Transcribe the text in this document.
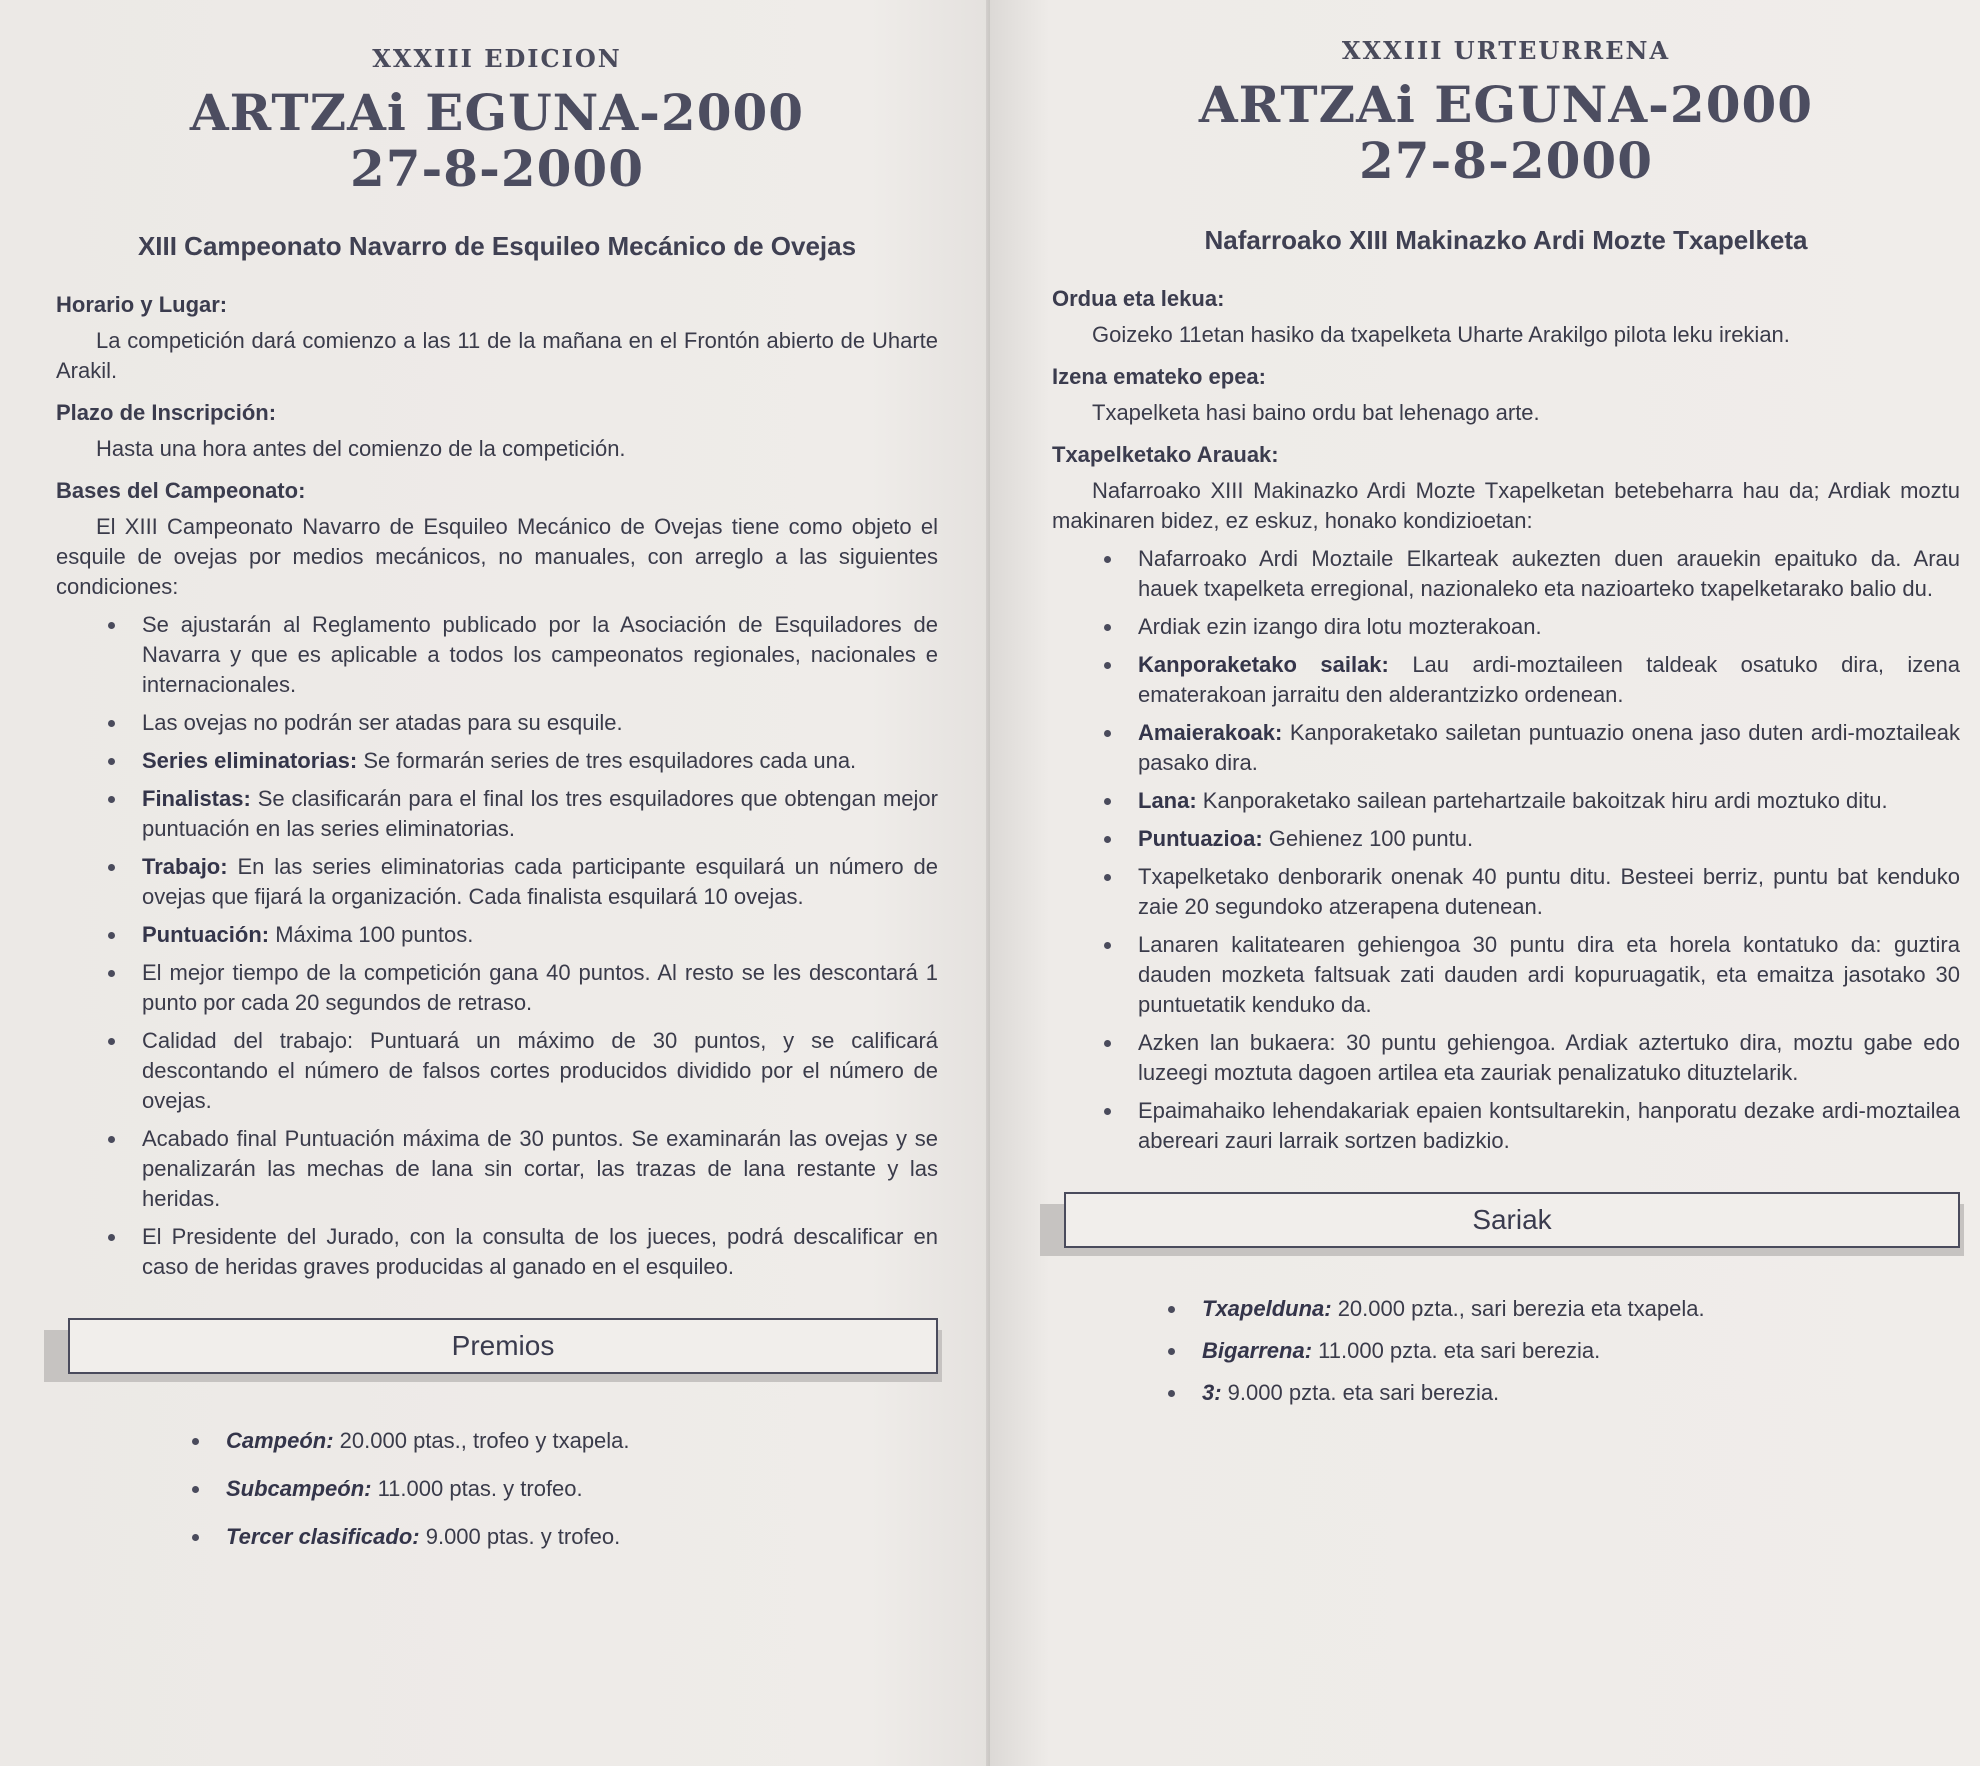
XXXIII EDICION
ARTZAi EGUNA-2000
27-8-2000
XIII Campeonato Navarro de Esquileo Mecánico de Ovejas
Horario y Lugar:

La competición dará comienzo a las 11 de la mañana en el Frontón abierto de Uharte Arakil.

Plazo de Inscripción:

Hasta una hora antes del comienzo de la competición.

Bases del Campeonato:

El XIII Campeonato Navarro de Esquileo Mecánico de Ovejas tiene como objeto el esquile de ovejas por medios mecánicos, no manuales, con arreglo a las siguientes condiciones:

Se ajustarán al Reglamento publicado por la Asociación de Esquiladores de Navarra y que es aplicable a todos los campeonatos regionales, nacionales e internacionales.
Las ovejas no podrán ser atadas para su esquile.
Series eliminatorias: Se formarán series de tres esquiladores cada una.
Finalistas: Se clasificarán para el final los tres esquiladores que obtengan mejor puntuación en las series eliminatorias.
Trabajo: En las series eliminatorias cada participante esquilará un número de ovejas que fijará la organización. Cada finalista esquilará 10 ovejas.
Puntuación: Máxima 100 puntos.
El mejor tiempo de la competición gana 40 puntos. Al resto se les descontará 1 punto por cada 20 segundos de retraso.
Calidad del trabajo: Puntuará un máximo de 30 puntos, y se calificará descontando el número de falsos cortes producidos dividido por el número de ovejas.
Acabado final Puntuación máxima de 30 puntos. Se examinarán las ovejas y se penalizarán las mechas de lana sin cortar, las trazas de lana restante y las heridas.
El Presidente del Jurado, con la consulta de los jueces, podrá descalificar en caso de heridas graves producidas al ganado en el esquileo.
Premios
Campeón: 20.000 ptas., trofeo y txapela.
Subcampeón: 11.000 ptas. y trofeo.
Tercer clasificado: 9.000 ptas. y trofeo.
XXXIII URTEURRENA
ARTZAi EGUNA-2000
27-8-2000
Nafarroako XIII Makinazko Ardi Mozte Txapelketa
Ordua eta lekua:

Goizeko 11etan hasiko da txapelketa Uharte Arakilgo pilota leku irekian.

Izena emateko epea:

Txapelketa hasi baino ordu bat lehenago arte.

Txapelketako Arauak:

Nafarroako XIII Makinazko Ardi Mozte Txapelketan betebeharra hau da; Ardiak moztu makinaren bidez, ez eskuz, honako kondizioetan:

Nafarroako Ardi Moztaile Elkarteak aukezten duen arauekin epaituko da. Arau hauek txapelketa erregional, nazionaleko eta nazioarteko txapelketarako balio du.
Ardiak ezin izango dira lotu mozterakoan.
Kanporaketako sailak: Lau ardi-moztaileen taldeak osatuko dira, izena ematerakoan jarraitu den alderantzizko ordenean.
Amaierakoak: Kanporaketako sailetan puntuazio onena jaso duten ardi-moztaileak pasako dira.
Lana: Kanporaketako sailean partehartzaile bakoitzak hiru ardi moztuko ditu.
Puntuazioa: Gehienez 100 puntu.
Txapelketako denborarik onenak 40 puntu ditu. Besteei berriz, puntu bat kenduko zaie 20 segundoko atzerapena dutenean.
Lanaren kalitatearen gehiengoa 30 puntu dira eta horela kontatuko da: guztira dauden mozketa faltsuak zati dauden ardi kopuruagatik, eta emaitza jasotako 30 puntuetatik kenduko da.
Azken lan bukaera: 30 puntu gehiengoa. Ardiak aztertuko dira, moztu gabe edo luzeegi moztuta dagoen artilea eta zauriak penalizatuko dituztelarik.
Epaimahaiko lehendakariak epaien kontsultarekin, hanporatu dezake ardi-moztailea abereari zauri larraik sortzen badizkio.
Sariak
Txapelduna: 20.000 pzta., sari berezia eta txapela.
Bigarrena: 11.000 pzta. eta sari berezia.
3: 9.000 pzta. eta sari berezia.
